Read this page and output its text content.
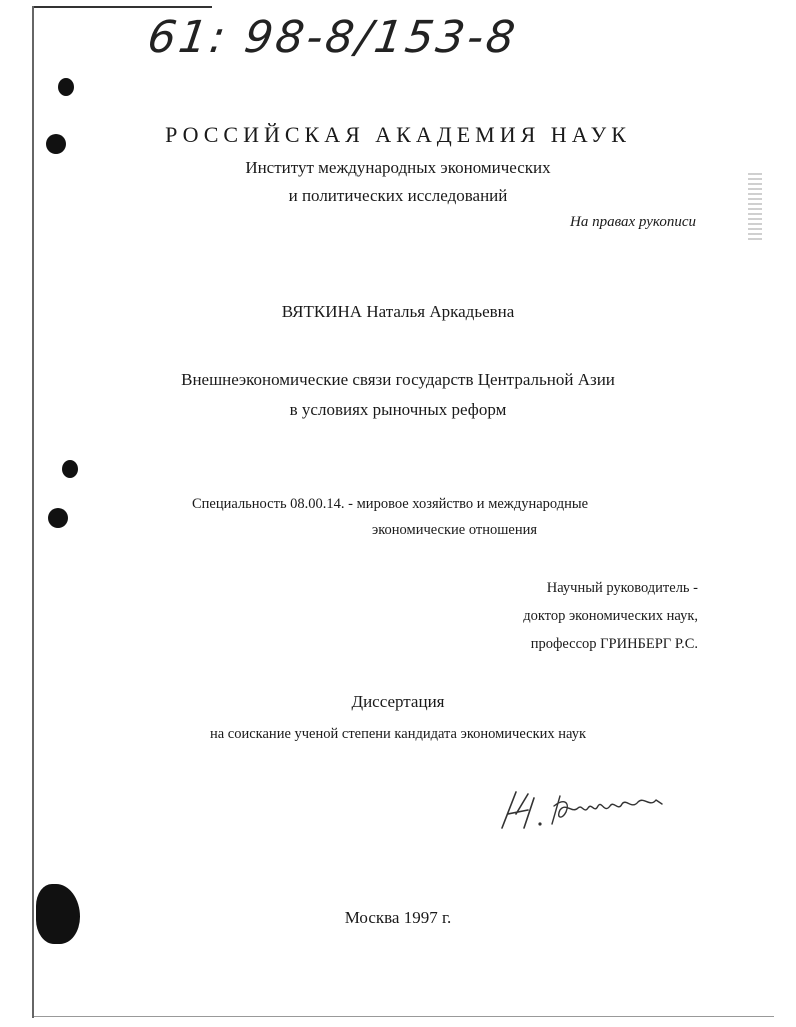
61: 98-8/153-8

РОССИЙСКАЯ АКАДЕМИЯ НАУК

Институт международных экономических

и политических исследований

На правах рукописи

ВЯТКИНА Наталья Аркадьевна

Внешнеэкономические связи государств Центральной Азии

в условиях рыночных реформ

Специальность 08.00.14. - мировое хозяйство и международные

экономические отношения

Научный руководитель -

доктор экономических наук,

профессор ГРИНБЕРГ Р.С.

Диссертация

на соискание ученой степени кандидата экономических наук

Москва 1997 г.
